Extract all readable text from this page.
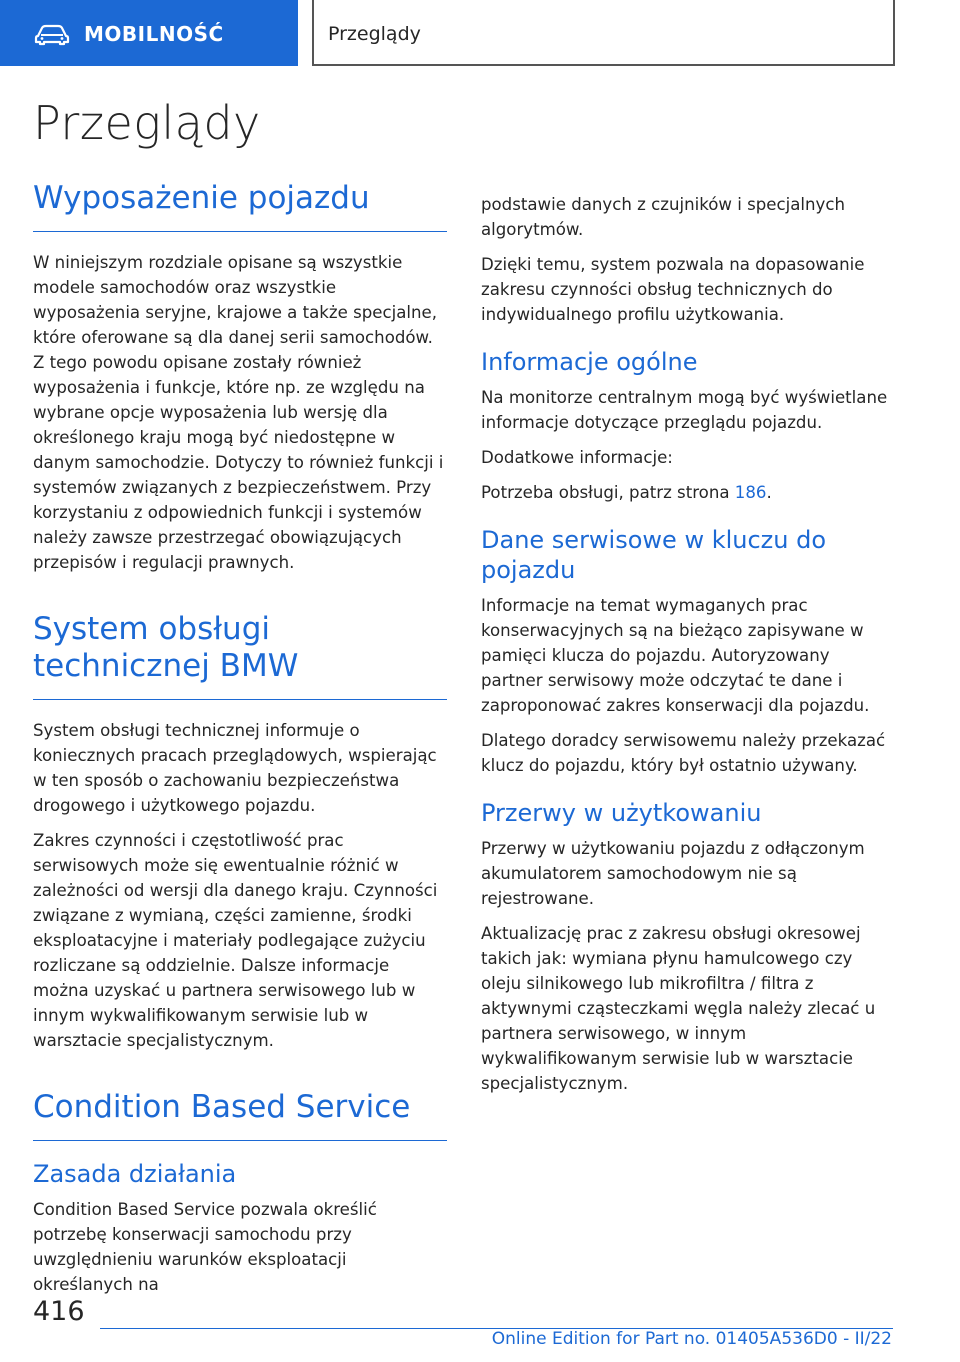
MOBILNOŚĆ	Przeglądy
Przeglądy
Wyposażenie pojazdu

W niniejszym rozdziale opisane są wszystkie modele samochodów oraz wszystkie wyposażenia seryjne, krajowe a także specjalne, które oferowane są dla danej serii samochodów. Z tego powodu opisane zostały również wyposażenia i funkcje, które np. ze względu na wybrane opcje wyposażenia lub wersję dla określonego kraju mogą być niedostępne w danym samochodzie. Dotyczy to również funkcji i systemów związanych z bezpieczeństwem. Przy korzystaniu z odpowiednich funkcji i systemów należy zawsze przestrzegać obowiązujących przepisów i regulacji prawnych.

System obsługi technicznej BMW

System obsługi technicznej informuje o koniecznych pracach przeglądowych, wspierając w ten sposób o zachowaniu bezpieczeństwa drogowego i użytkowego pojazdu.

Zakres czynności i częstotliwość prac serwisowych może się ewentualnie różnić w zależności od wersji dla danego kraju. Czynności związane z wymianą, części zamienne, środki eksploatacyjne i materiały podlegające zużyciu rozliczane są oddzielnie. Dalsze informacje można uzyskać u partnera serwisowego lub w innym wykwalifikowanym serwisie lub w warsztacie specjalistycznym.

Condition Based Service
Zasada działania

Condition Based Service pozwala określić potrzebę konserwacji samochodu przy uwzględnieniu warunków eksploatacji określanych na

podstawie danych z czujników i specjalnych algorytmów.

Dzięki temu, system pozwala na dopasowanie zakresu czynności obsług technicznych do indywidualnego profilu użytkowania.

Informacje ogólne

Na monitorze centralnym mogą być wyświetlane informacje dotyczące przeglądu pojazdu.

Dodatkowe informacje:

Potrzeba obsługi, patrz strona 186.

Dane serwisowe w kluczu do pojazdu

Informacje na temat wymaganych prac konserwacyjnych są na bieżąco zapisywane w pamięci klucza do pojazdu. Autoryzowany partner serwisowy może odczytać te dane i zaproponować zakres konserwacji dla pojazdu.

Dlatego doradcy serwisowemu należy przekazać klucz do pojazdu, który był ostatnio używany.

Przerwy w użytkowaniu

Przerwy w użytkowaniu pojazdu z odłączonym akumulatorem samochodowym nie są rejestrowane.

Aktualizację prac z zakresu obsługi okresowej takich jak: wymiana płynu hamulcowego czy oleju silnikowego lub mikrofiltra / filtra z aktywnymi cząsteczkami węgla należy zlecać u partnera serwisowego, w innym wykwalifikowanym serwisie lub w warsztacie specjalistycznym.

416
Online Edition for Part no. 01405A536D0 - II/22
